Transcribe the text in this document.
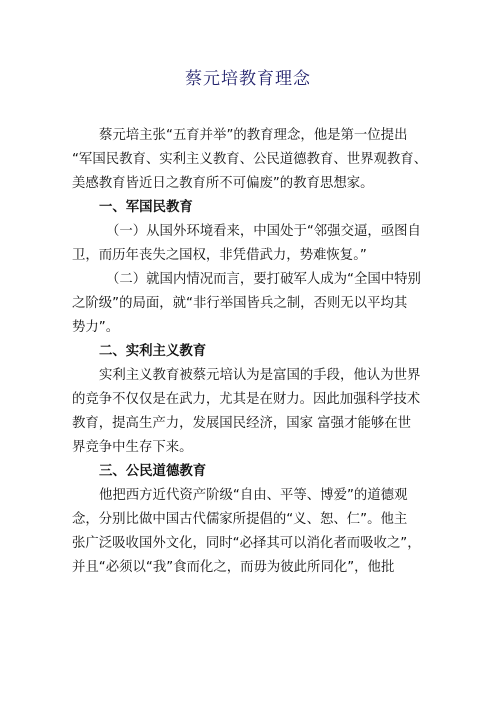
蔡元培教育理念
蔡元培主张“五育并举”的教育理念，他是第一位提出
“军国民教育、实利主义教育、公民道德教育、世界观教育、
美感教育皆近日之教育所不可偏废”的教育思想家。
一、军国民教育
（一）从国外环境看来，中国处于“邻强交逼，亟图自
卫，而历年丧失之国权，非凭借武力，势难恢复。”
（二）就国内情况而言，要打破军人成为“全国中特别
之阶级”的局面，就“非行举国皆兵之制，否则无以平均其
势力”。
二、实利主义教育
实利主义教育被蔡元培认为是富国的手段，他认为世界
的竞争不仅仅是在武力，尤其是在财力。因此加强科学技术
教育，提高生产力，发展国民经济，国家 富强才能够在世
界竞争中生存下来。
三、公民道德教育
他把西方近代资产阶级“自由、平等、博爱”的道德观
念，分别比做中国古代儒家所提倡的“义、恕、仁”。他主
张广泛吸收国外文化，同时“必择其可以消化者而吸收之”，
并且“必须以“我”食而化之，而毋为彼此所同化”，他批
